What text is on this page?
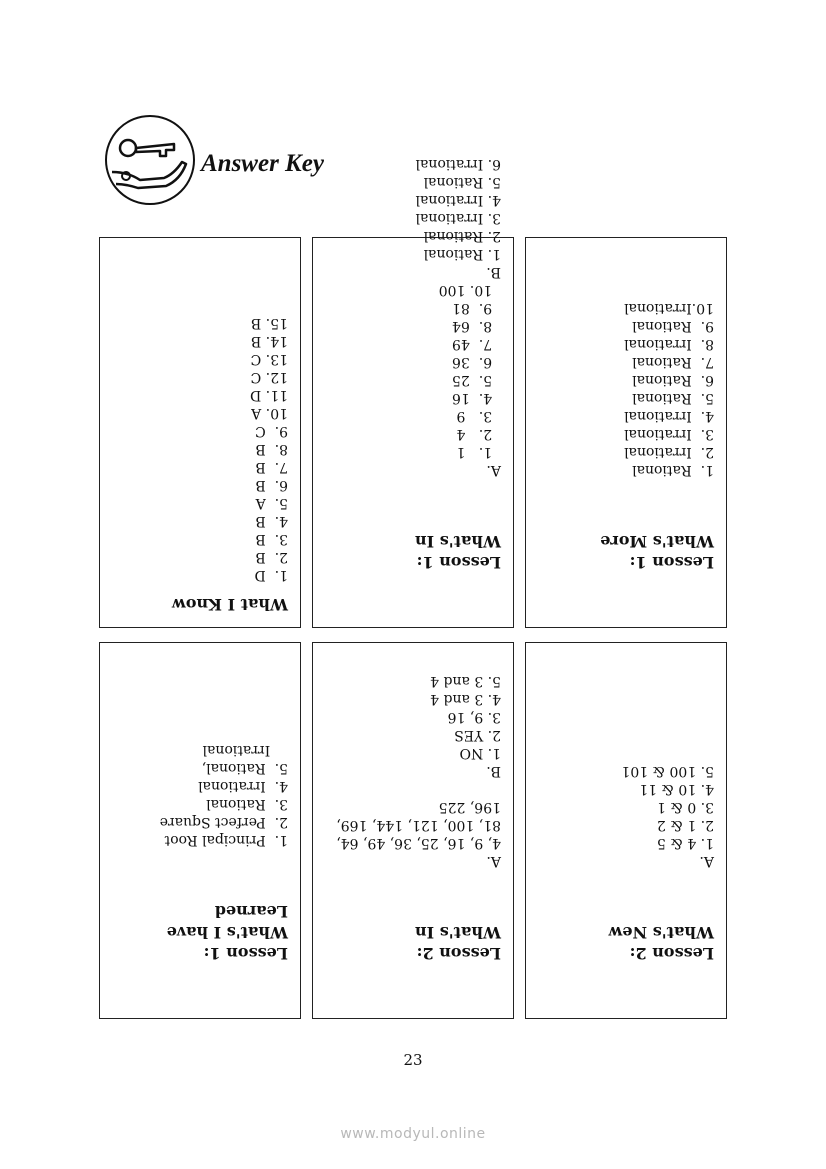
Answer Key
What I Know
1.  D
2.  B
3.  B
4.  B
5.  A
6.  B
7.  B
8.  B
9.  C
10. A
11. D
12. C
13. C
14. B
15. B

Lesson 1:
What's In

A.
1.   1
2.   4
3.   9
4.  16
5.  25
6.  36
7.  49
8.  64
9.  81
10. 100
B.
1. Rational
2. Rational
3. Irrational
4. Irrational
5. Rational
6. Irrational

Lesson 1:
What's More

1.  Rational
2.  Irrational
3.  Irrational
4.  Irrational
5.  Rational
6.  Rational
7.  Rational
8.  Irrational
9.  Rational
10.Irrational

Lesson 1:
What's I have
Learned

1.  Principal Root
2.  Perfect Square
3.  Rational
4.  Irrational
5.  Rational,
Irrational

Lesson 2:
What's In

A.
4, 9, 16, 25, 36, 49, 64,
81, 100, 121, 144, 169,
196, 225
B.
1. NO
2. YES
3. 9, 16
4. 3 and 4
5. 3 and 4

Lesson 2:
What's New

A.
1. 4 & 5
2. 1 & 2
3. 0 & 1
4. 10 & 11
5. 100 & 101
23
www.modyul.online
